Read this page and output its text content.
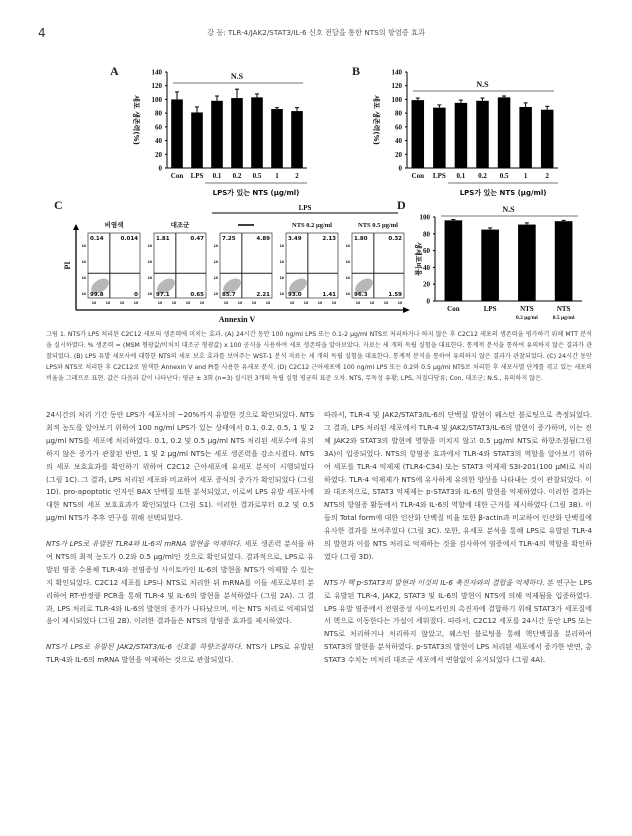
4	강 등: TLR-4/JAK2/STAT3/IL-6 신호 전달을 통한 NTS의 항염증 효과
A	B
C	D
0
20
40
60
80
100
120
140
Con LPS 0.1 0.2 0.5 1 2
N.S
LPS가 있는 NTS (μg/ml)
세포 생존력(%)
0
20
40
60
80
100
120
140
Con LPS 0.1 0.2 0.5 1	2
N.S
LPS가 있는 NTS (μg/ml)
세포 생존력(%)
PI
Annexin V
LPS
비염색
10
10
10
10
10
10
10
10
0.14	0.014
99.8	0
대조군
10
10
10
10
10
10
10
10
1.81	0.47
97.1	0.65	10
10
10
10
10
10
10
10
7.25	4.89
85.7	2.21
NTS 0.2 μg/ml
10
10
10
10
10
10
10
10
3.49	2.13
93.0	1.41
NTS 0.5 μg/ml
10
10
10
10
10
10
10
10
1.80	0.32
96.3	1.59
0
20
40
60
80
100
Con	LPS	NTS
0.2 μg/ml
NTS
0.5 μg/ml
N.S
생세포비율
그림 1. NTS가 LPS 처리된 C2C12 세포의 생존력에 미치는 효과. (A) 24시간 동안 100 ng/ml LPS 또는 0.1-2 μg/ml NTS로 처리하거나 하지 않은 후 C2C12 세포의 생존력을 평가하기 위해 MTT 분석을 실시하였다. % 생존력 = (MSM 형광값/비처치 대조군 형광값) x 100 공식을 사용하여 세포 생존력을 알아보았다. 자료는 세 개의 독립 실험을 대표한다. 통계적 분석을 통하여 유의하지 않은 결과가 관찰되었다. (B) LPS 유발 세포사에 대항한 NTS의 세포 보호 효과를 보여주는 WST-1 분석 자료는 세 개의 독립 실험을 대표한다. 통계적 분석을 통하여 유의하지 않은 결과가 관찰되었다. (C) 24시간 동안 LPS와 NTS로 처리한 후 C2C12로 염색한 Annexin V and PI를 사용한 유세포 분석. (D) C2C12 근아세포에 100 ng/ml LPS 또는 0.2와 0.5 μg/ml NTS로 처리한 후 세포사멸 단계를 겪고 있는 세포의 비율을 그래프로 표현. 값은 다음과 같이 나타난다: 평균 ± 3회 (n=3) 실시된 3개의 독립 실험 평균의 표준 오차. NTS, 무독성 유황; LPS, 지질다당류; Con, 대조군; N.S., 유의하지 않은.

24시간의 처리 기간 동안 LPS가 세포사의 ~20%까지 유발한 것으로 확인되었다. NTS 최적 농도를 알아보기 위하여 100 ng/ml LPS가 있는 상태에서 0.1, 0.2, 0.5, 1 및 2 μg/ml NTS를 세포에 처리하였다. 0.1, 0.2 및 0.5 μg/ml NTS 처리된 세포수에 유의하지 않은 증가가 관찰된 반면, 1 및 2 μg/ml NTS는 세포 생존력을 감소시켰다. NTS의 세포 보호효과를 확인하기 위하여 C2C12 근아세포에 유세포 분석이 시행되었다 (그림 1C). 그 결과, LPS 처리된 세포와 비교하여 세포 증식의 증가가 확인되었다 (그림 1D). pro-apoptotic 인자인 BAX 단백질 또한 분석되었고, 이로써 LPS 유발 세포사에 대한 NTS의 세포 보호효과가 확인되었다 (그림 S1). 이러한 결과로부터 0.2 및 0.5 μg/ml NTS가 추후 연구를 위해 선택되었다.

NTS가 LPS로 유발된 TLR4와 IL-6의 mRNA 발현을 억제하다. 세포 생존력 분석을 하여 NTS의 최적 농도가 0.2와 0.5 μg/ml인 것으로 확인되었다. 결과적으로, LPS로 유발된 염증 수용체 TLR-4와 전염증성 사이토카인 IL-6의 발현을 NTS가 억제할 수 있는지 확인되었다. C2C12 세포를 LPS나 NTS로 처리한 뒤 mRNA를 이들 세포로부터 분리하여 RT-반정량 PCR을 통해 TLR-4 및 IL-6의 발현을 분석하였다 (그림 2A). 그 결과, LPS 처리로 TLR-4와 IL-6의 발현의 증가가 나타났으며, 이는 NTS 처리로 억제되었음이 제시되었다 (그림 2B). 이러한 결과들은 NTS의 항염증 효과를 제시하였다.

NTS가 LPS로 유발된 JAK2/STAT3/IL-6 신호를 하향조절하다. NTS가 LPS로 유발된 TLR-4와 IL-6의 mRNA 발현을 억제하는 것으로 관찰되었다.

따라서, TLR-4 및 JAK2/STAT3/IL-6의 단백질 발현이 웨스턴 블로팅으로 측정되었다. 그 결과, LPS 처리된 세포에서 TLR-4 및 JAK2/STAT3/IL-6의 발현이 증가하며, 이는 전체 JAK2와 STAT3의 발현에 영향을 미치지 않고 0.5 μg/ml NTS로 하향조절됨(그림 3A)이 입증되었다. NTS의 항염증 효과에서 TLR-4와 STAT3의 역할을 알아보기 위하여 세포를 TLR-4 억제제 (TLR4-C34) 또는 STAT3 억제제 S3I-201(100 μM)로 처리하였다. TLR-4 억제제가 NTS에 유사하게 유의한 양상을 나타내는 것이 관찰되었다. 이와 대조적으로, STAT3 억제제는 p-STAT3와 IL-6의 발현을 억제하였다. 이러한 결과는 NTS의 항염증 활동에서 TLR-4와 IL-6의 역할에 대한 근거를 제시하였다 (그림 3B). 이들의 Total form에 대한 인산화 단백질 비율 또한 β-actin과 비교하여 인산화 단백질에 유사한 결과를 보여주었다 (그림 3C). 또한, 유세포 분석을 통해 LPS로 유발된 TLR-4의 발현과 이를 NTS 처리로 억제하는 것을 검사하여 염증에서 TLR-4의 역할을 확인하였다 (그림 3D).

NTS가 핵 p-STAT3의 발현과 이것의 IL-6 촉진자와의 결합을 억제하다. 본 연구는 LPS로 유발된 TLR-4, JAK2, STAT3 및 IL-6의 발현이 NTS에 의해 억제됨을 입증하였다. LPS 유발 염증에서 전염증성 사이토카인의 촉진자에 결합하기 위해 STAT3가 세포질에서 핵으로 이동한다는 가설이 세워졌다. 따라서, C2C12 세포를 24시간 동안 LPS 또는 NTS로 처리하거나 처리하지 않았고, 웨스턴 블로팅을 통해 핵단백질을 분리하여 STAT3의 발현을 분석하였다. p-STAT3의 발현이 LPS 처리된 세포에서 증가한 반면, 총 STAT3 수치는 비처리 대조군 세포에서 변함없이 유지되었다 (그림 4A).
